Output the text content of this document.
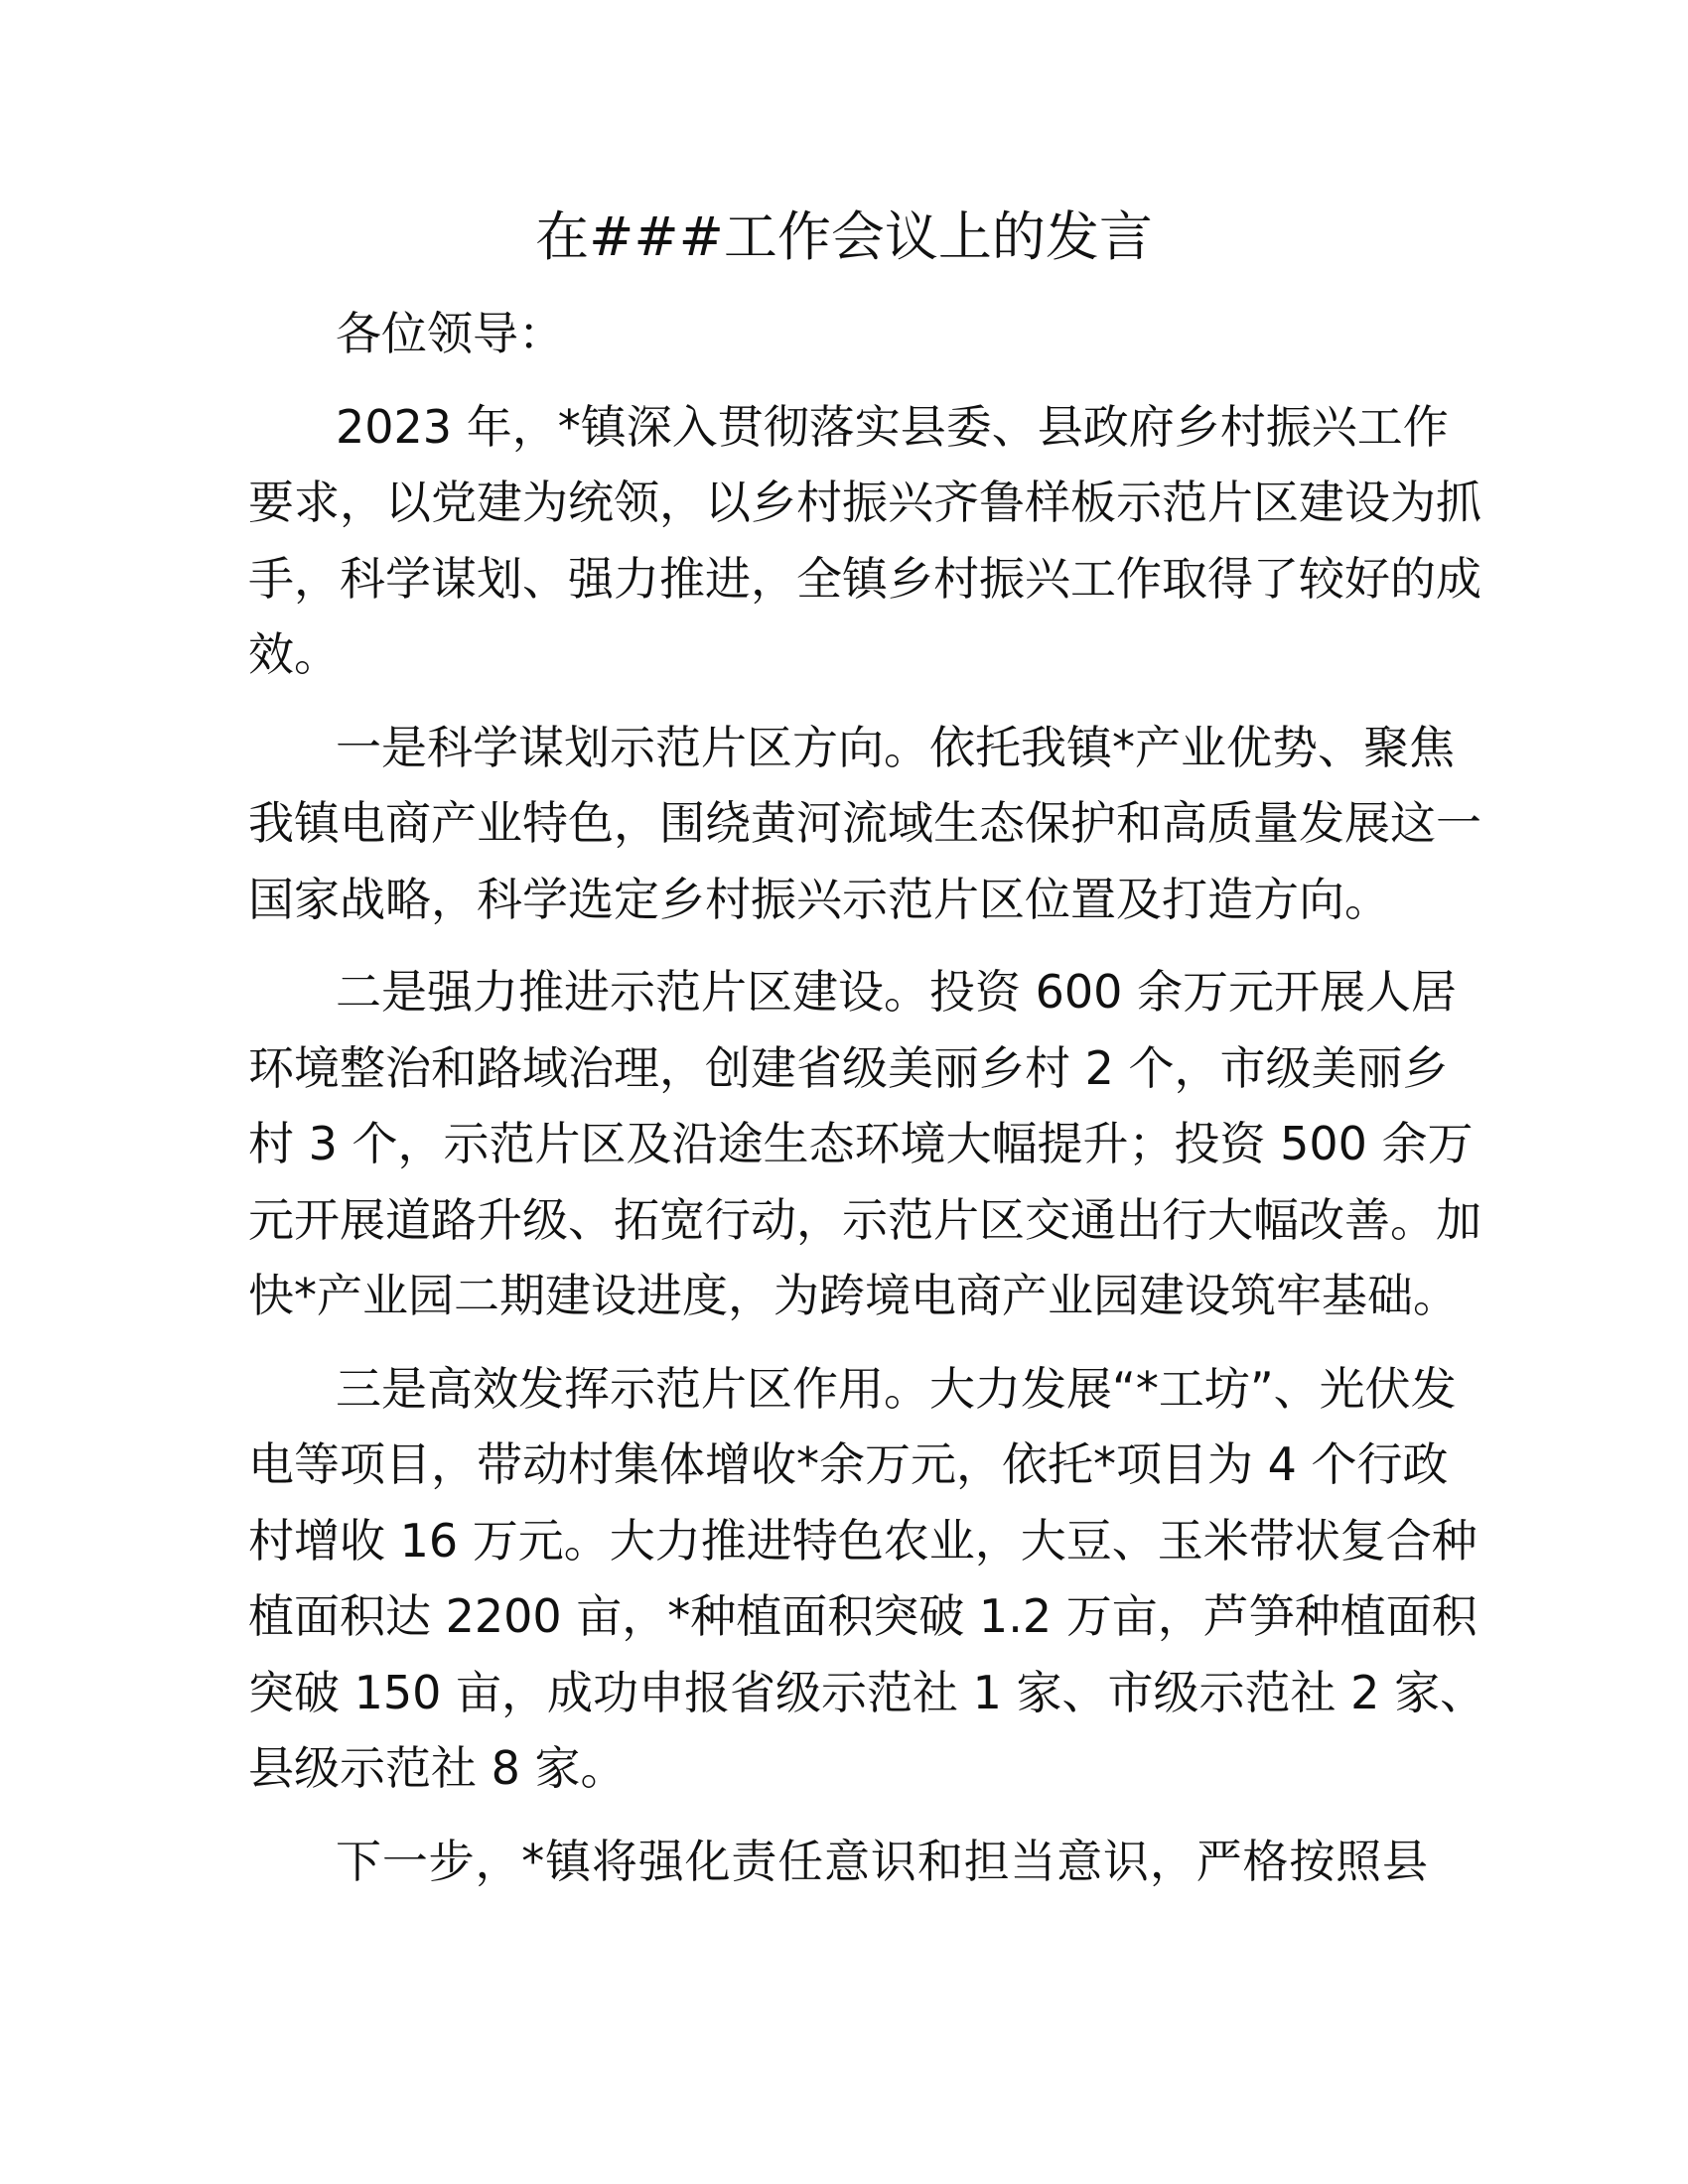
在###工作会议上的发言
各位领导：
2023 年，*镇深入贯彻落实县委、县政府乡村振兴工作
要求，以党建为统领，以乡村振兴齐鲁样板示范片区建设为抓
手，科学谋划、强力推进，全镇乡村振兴工作取得了较好的成
效。
一是科学谋划示范片区方向。依托我镇*产业优势、聚焦
我镇电商产业特色，围绕黄河流域生态保护和高质量发展这一
国家战略，科学选定乡村振兴示范片区位置及打造方向。
二是强力推进示范片区建设。投资 600 余万元开展人居
环境整治和路域治理，创建省级美丽乡村 2 个，市级美丽乡
村 3 个，示范片区及沿途生态环境大幅提升；投资 500 余万
元开展道路升级、拓宽行动，示范片区交通出行大幅改善。加
快*产业园二期建设进度，为跨境电商产业园建设筑牢基础。
三是高效发挥示范片区作用。大力发展“*工坊”、光伏发
电等项目，带动村集体增收*余万元，依托*项目为 4 个行政
村增收 16 万元。大力推进特色农业，大豆、玉米带状复合种
植面积达 2200 亩，*种植面积突破 1.2 万亩，芦笋种植面积
突破 150 亩，成功申报省级示范社 1 家、市级示范社 2 家、
县级示范社 8 家。
下一步，*镇将强化责任意识和担当意识，严格按照县
